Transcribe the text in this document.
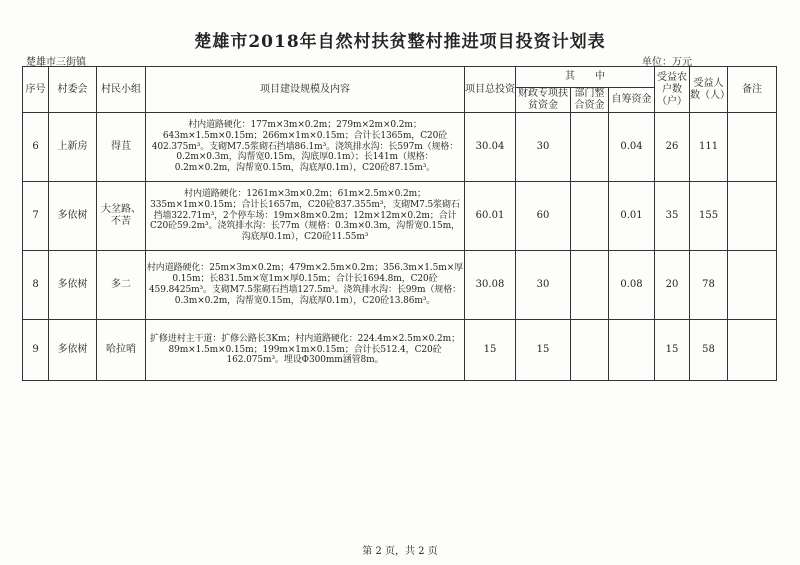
楚雄市2018年自然村扶贫整村推进项目投资计划表
楚雄市三街镇	单位：万元
序号	村委会	村民小组	项目建设规模及内容	项目总投资	其　　中			受益农户数（户）	受益人数（人）	备注
					财政专项扶贫资金	部门整合资金	自筹资金			
6	上新房	得苴	村内道路硬化：177m×3m×0.2m；279m×2m×0.2m；643m×1.5m×0.15m；266m×1m×0.15m；合计长1365m，C20砼402.375m³。支砌M7.5浆砌石挡墙86.1m³。浇筑排水沟：长597m（规格：0.2m×0.3m，沟帮宽0.15m，沟底厚0.1m）；长141m（规格：0.2m×0.2m，沟帮宽0.15m，沟底厚0.1m），C20砼87.15m³。	30.04	30		0.04	26	111	
7	多依树	大坌路、不苦	村内道路硬化：1261m×3m×0.2m；61m×2.5m×0.2m；335m×1m×0.15m；合计长1657m，C20砼837.355m³，支砌M7.5浆砌石挡墙322.71m³，2个停车场：19m×8m×0.2m；12m×12m×0.2m；合计C20砼59.2m³。浇筑排水沟：长77m（规格：0.3m×0.3m，沟帮宽0.15m，沟底厚0.1m），C20砼11.55m³	60.01	60		0.01	35	155	
8	多依树	多二	村内道路硬化：25m×3m×0.2m；479m×2.5m×0.2m；356.3m×1.5m×厚0.15m；长831.5m×宽1m×厚0.15m；合计长1694.8m，C20砼459.8425m³。支砌M7.5浆砌石挡墙127.5m³。浇筑排水沟：长99m（规格：0.3m×0.2m，沟帮宽0.15m，沟底厚0.1m），C20砼13.86m³。	30.08	30		0.08	20	78	
9	多依树	哈拉哨	扩修进村主干道：扩修公路长3Km；村内道路硬化：224.4m×2.5m×0.2m；89m×1.5m×0.15m；199m×1m×0.15m；合计长512.4，C20砼162.075m³。埋设Φ300mm涵管8m。	15	15			15	58	
第 2 页，共 2 页
